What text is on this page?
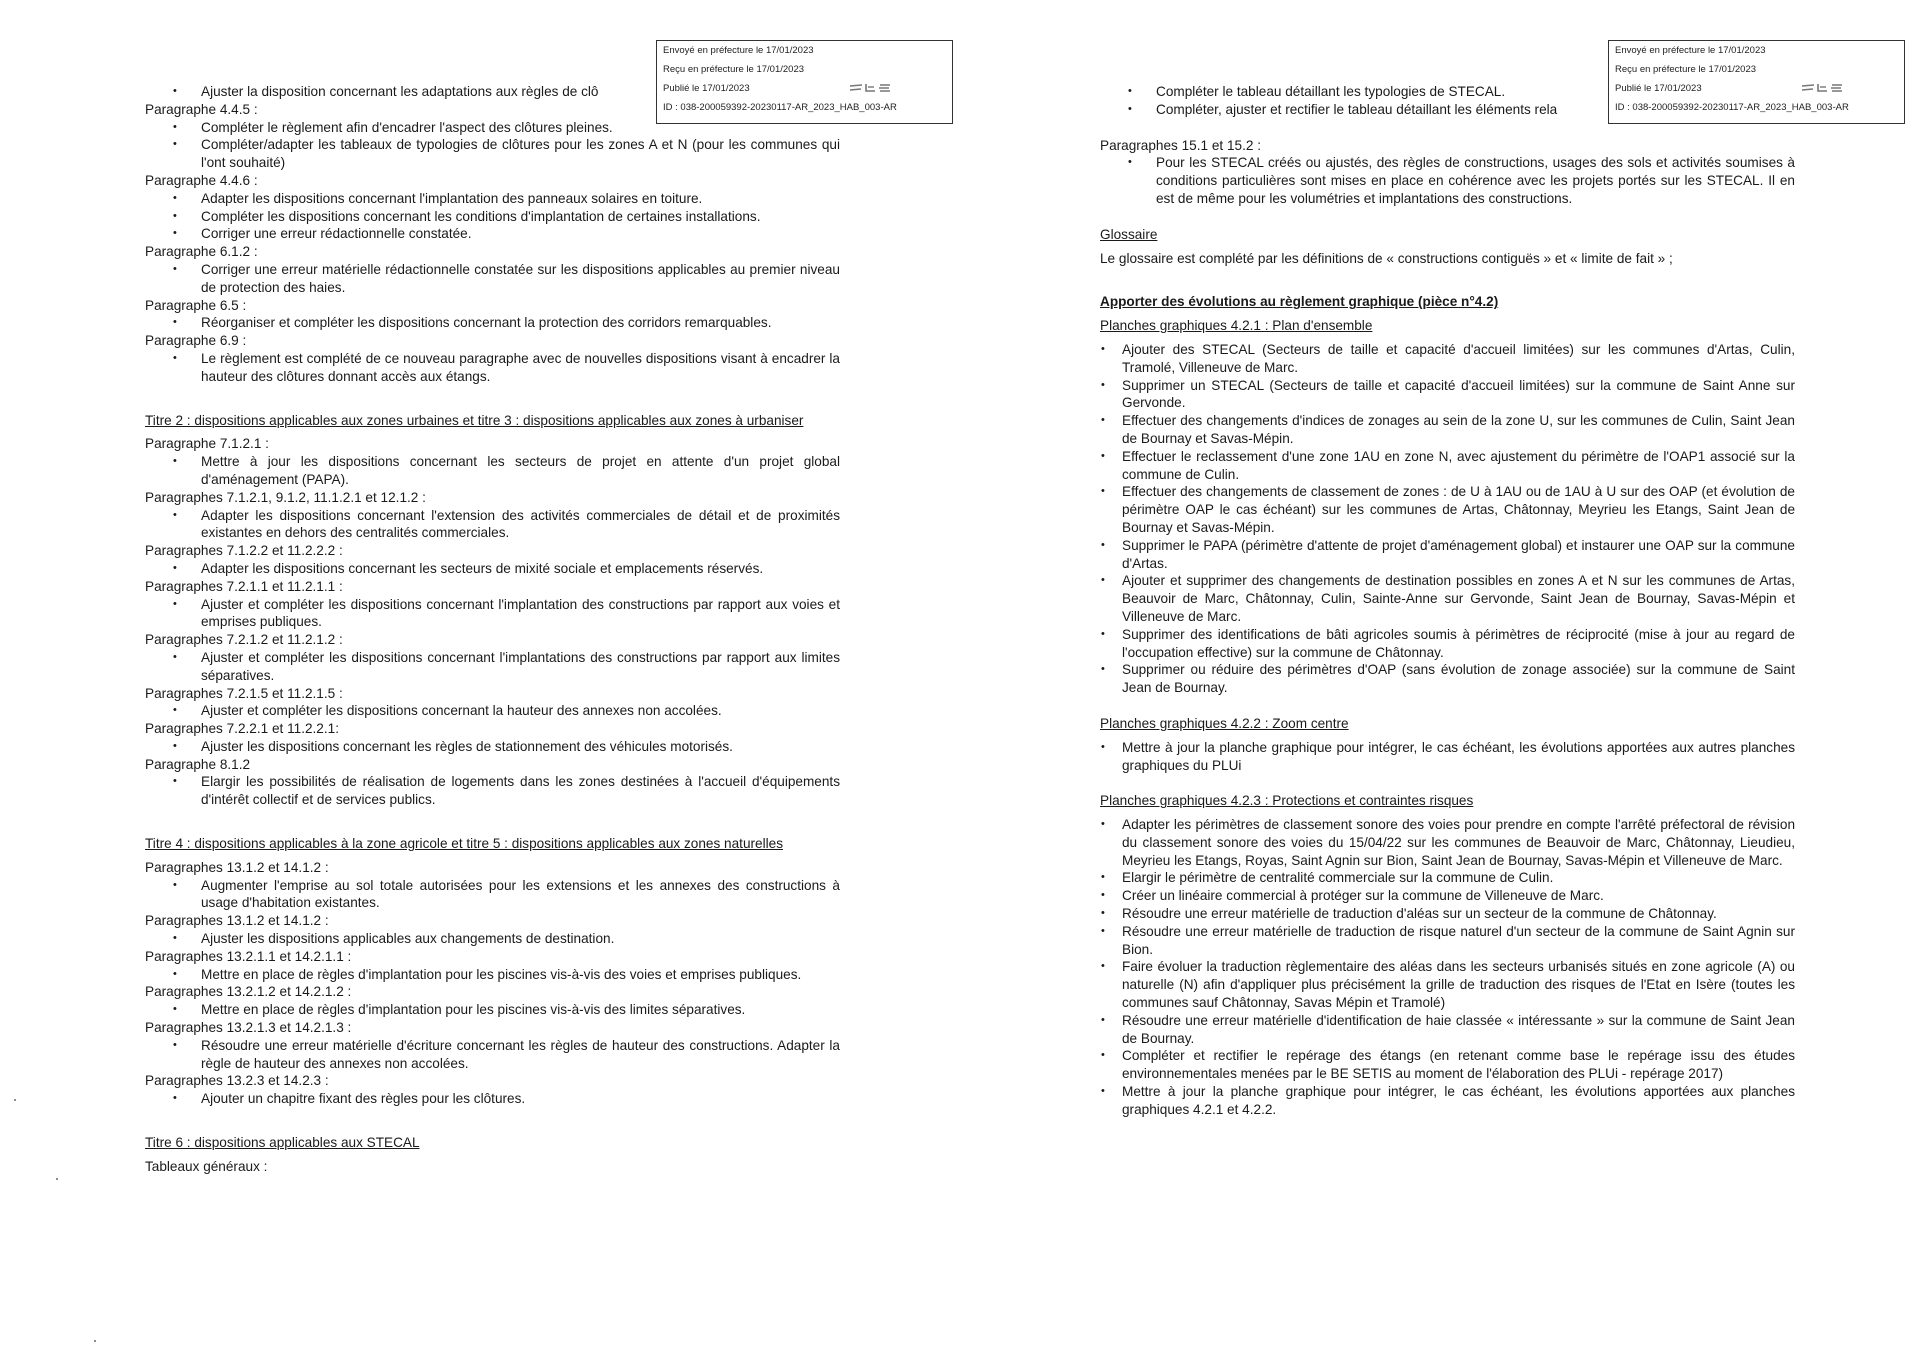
• Ajuster la disposition concernant les adaptations aux règles de clô

Paragraphe 4.4.5 :

• Compléter le règlement afin d'encadrer l'aspect des clôtures pleines.
• Compléter/adapter les tableaux de typologies de clôtures pour les zones A et N (pour les communes qui l'ont souhaité)

Paragraphe 4.4.6 :

• Adapter les dispositions concernant l'implantation des panneaux solaires en toiture.
• Compléter les dispositions concernant les conditions d'implantation de certaines installations.
• Corriger une erreur rédactionnelle constatée.

Paragraphe 6.1.2 :

• Corriger une erreur matérielle rédactionnelle constatée sur les dispositions applicables au premier niveau de protection des haies.

Paragraphe 6.5 :

• Réorganiser et compléter les dispositions concernant la protection des corridors remarquables.

Paragraphe 6.9 :

• Le règlement est complété de ce nouveau paragraphe avec de nouvelles dispositions visant à encadrer la hauteur des clôtures donnant accès aux étangs.

Titre 2 : dispositions applicables aux zones urbaines et titre 3 : dispositions applicables aux zones à urbaniser

Paragraphe 7.1.2.1 :

• Mettre à jour les dispositions concernant les secteurs de projet en attente d'un projet global d'aménagement (PAPA).

Paragraphes 7.1.2.1, 9.1.2, 11.1.2.1 et 12.1.2 :

• Adapter les dispositions concernant l'extension des activités commerciales de détail et de proximités existantes en dehors des centralités commerciales.

Paragraphes 7.1.2.2 et 11.2.2.2 :

• Adapter les dispositions concernant les secteurs de mixité sociale et emplacements réservés.

Paragraphes 7.2.1.1 et 11.2.1.1 :

• Ajuster et compléter les dispositions concernant l'implantation des constructions par rapport aux voies et emprises publiques.

Paragraphes 7.2.1.2 et 11.2.1.2 :

• Ajuster et compléter les dispositions concernant l'implantations des constructions par rapport aux limites séparatives.

Paragraphes 7.2.1.5 et 11.2.1.5 :

• Ajuster et compléter les dispositions concernant la hauteur des annexes non accolées.

Paragraphes 7.2.2.1 et 11.2.2.1:

• Ajuster les dispositions concernant les règles de stationnement des véhicules motorisés.

Paragraphe 8.1.2

• Elargir les possibilités de réalisation de logements dans les zones destinées à l'accueil d'équipements d'intérêt collectif et de services publics.

Titre 4 : dispositions applicables à la zone agricole et titre 5 : dispositions applicables aux zones naturelles

Paragraphes 13.1.2 et 14.1.2 :

• Augmenter l'emprise au sol totale autorisées pour les extensions et les annexes des constructions à usage d'habitation existantes.

Paragraphes 13.1.2 et 14.1.2 :

• Ajuster les dispositions applicables aux changements de destination.

Paragraphes 13.2.1.1 et 14.2.1.1 :

• Mettre en place de règles d'implantation pour les piscines vis-à-vis des voies et emprises publiques.

Paragraphes 13.2.1.2 et 14.2.1.2 :

• Mettre en place de règles d'implantation pour les piscines vis-à-vis des limites séparatives.

Paragraphes 13.2.1.3 et 14.2.1.3 :

• Résoudre une erreur matérielle d'écriture concernant les règles de hauteur des constructions. Adapter la règle de hauteur des annexes non accolées.

Paragraphes 13.2.3 et 14.2.3 :

• Ajouter un chapitre fixant des règles pour les clôtures.

Titre 6 : dispositions applicables aux STECAL

Tableaux généraux :

• Compléter le tableau détaillant les typologies de STECAL.
• Compléter, ajuster et rectifier le tableau détaillant les éléments rela

Paragraphes 15.1 et 15.2 :

• Pour les STECAL créés ou ajustés, des règles de constructions, usages des sols et activités soumises à conditions particulières sont mises en place en cohérence avec les projets portés sur les STECAL. Il en est de même pour les volumétries et implantations des constructions.

Glossaire

Le glossaire est complété par les définitions de « constructions contiguës » et « limite de fait » ;

Apporter des évolutions au règlement graphique (pièce n°4.2)

Planches graphiques 4.2.1 : Plan d'ensemble

• Ajouter des STECAL (Secteurs de taille et capacité d'accueil limitées) sur les communes d'Artas, Culin, Tramolé, Villeneuve de Marc.
• Supprimer un STECAL (Secteurs de taille et capacité d'accueil limitées) sur la commune de Saint Anne sur Gervonde.
• Effectuer des changements d'indices de zonages au sein de la zone U, sur les communes de Culin, Saint Jean de Bournay et Savas-Mépin.
• Effectuer le reclassement d'une zone 1AU en zone N, avec ajustement du périmètre de l'OAP1 associé sur la commune de Culin.
• Effectuer des changements de classement de zones : de U à 1AU ou de 1AU à U sur des OAP (et évolution de périmètre OAP le cas échéant) sur les communes de Artas, Châtonnay, Meyrieu les Etangs, Saint Jean de Bournay et Savas-Mépin.
• Supprimer le PAPA (périmètre d'attente de projet d'aménagement global) et instaurer une OAP sur la commune d'Artas.
• Ajouter et supprimer des changements de destination possibles en zones A et N sur les communes de Artas, Beauvoir de Marc, Châtonnay, Culin, Sainte-Anne sur Gervonde, Saint Jean de Bournay, Savas-Mépin et Villeneuve de Marc.
• Supprimer des identifications de bâti agricoles soumis à périmètres de réciprocité (mise à jour au regard de l'occupation effective) sur la commune de Châtonnay.
• Supprimer ou réduire des périmètres d'OAP (sans évolution de zonage associée) sur la commune de Saint Jean de Bournay.

Planches graphiques 4.2.2 : Zoom centre

• Mettre à jour la planche graphique pour intégrer, le cas échéant, les évolutions apportées aux autres planches graphiques du PLUi

Planches graphiques 4.2.3 : Protections et contraintes risques

• Adapter les périmètres de classement sonore des voies pour prendre en compte l'arrêté préfectoral de révision du classement sonore des voies du 15/04/22 sur les communes de Beauvoir de Marc, Châtonnay, Lieudieu, Meyrieu les Etangs, Royas, Saint Agnin sur Bion, Saint Jean de Bournay, Savas-Mépin et Villeneuve de Marc.
• Elargir le périmètre de centralité commerciale sur la commune de Culin.
• Créer un linéaire commercial à protéger sur la commune de Villeneuve de Marc.
• Résoudre une erreur matérielle de traduction d'aléas sur un secteur de la commune de Châtonnay.
• Résoudre une erreur matérielle de traduction de risque naturel d'un secteur de la commune de Saint Agnin sur Bion.
• Faire évoluer la traduction règlementaire des aléas dans les secteurs urbanisés situés en zone agricole (A) ou naturelle (N) afin d'appliquer plus précisément la grille de traduction des risques de l'Etat en Isère (toutes les communes sauf Châtonnay, Savas Mépin et Tramolé)
• Résoudre une erreur matérielle d'identification de haie classée « intéressante » sur la commune de Saint Jean de Bournay.
• Compléter et rectifier le repérage des étangs (en retenant comme base le repérage issu des études environnementales menées par le BE SETIS au moment de l'élaboration des PLUi - repérage 2017)
• Mettre à jour la planche graphique pour intégrer, le cas échéant, les évolutions apportées aux planches graphiques 4.2.1 et 4.2.2.
Envoyé en préfecture le 17/01/2023
Reçu en préfecture le 17/01/2023
Publié le 17/01/2023
ID : 038-200059392-20230117-AR_2023_HAB_003-AR
Envoyé en préfecture le 17/01/2023
Reçu en préfecture le 17/01/2023
Publié le 17/01/2023
ID : 038-200059392-20230117-AR_2023_HAB_003-AR
